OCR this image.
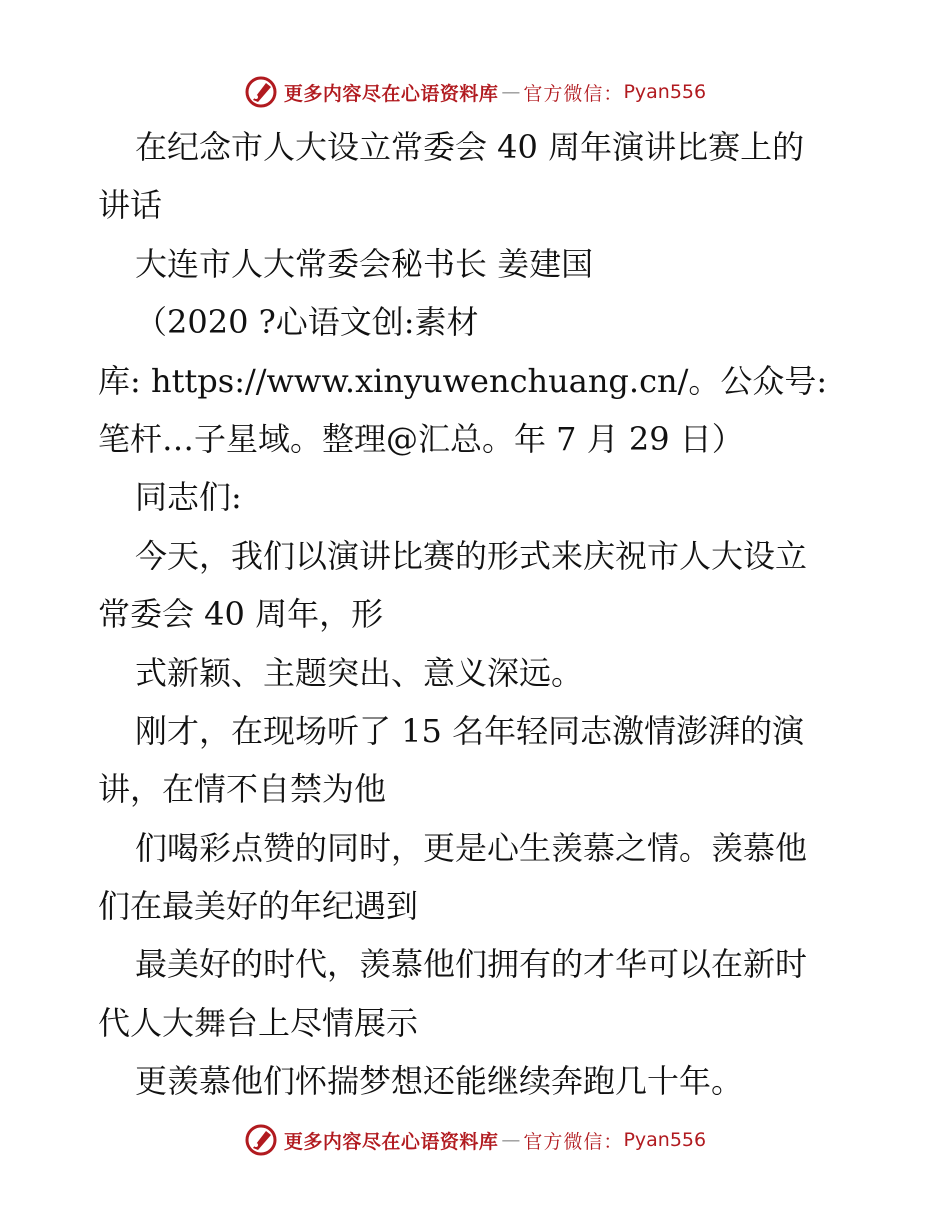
更多内容尽在心语资料库 — 官方微信： Pyan556
在纪念市人大设立常委会 40 周年演讲比赛上的
讲话
大连市人大常委会秘书长 姜建国
（2020 ?心语文创:素材
库: https://www.xinyuwenchuang.cn/。公众号:
笔杆…子星域。整理@汇总。年 7 月 29 日）
同志们:
今天，我们以演讲比赛的形式来庆祝市人大设立
常委会 40 周年，形
式新颖、主题突出、意义深远。
刚才，在现场听了 15 名年轻同志激情澎湃的演
讲，在情不自禁为他
们喝彩点赞的同时，更是心生羡慕之情。羡慕他
们在最美好的年纪遇到
最美好的时代，羡慕他们拥有的才华可以在新时
代人大舞台上尽情展示
更羡慕他们怀揣梦想还能继续奔跑几十年。
更多内容尽在心语资料库 — 官方微信： Pyan556
